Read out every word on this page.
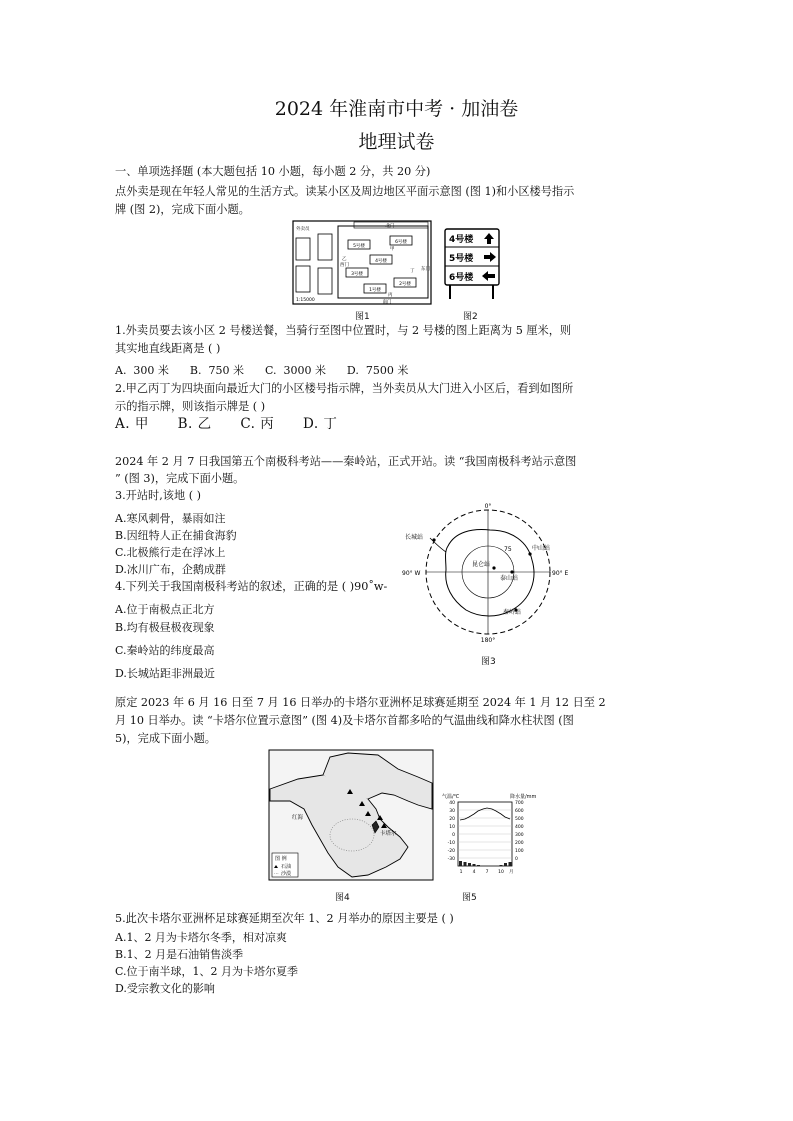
2024 年淮南市中考 · 加油卷
地理试卷
一、单项选择题 (本大题包括 10 小题，每小题 2 分，共 20 分)
点外卖是现在年轻人常见的生活方式。读某小区及周边地区平面示意图 (图 1)和小区楼号指示
牌 (图 2)，完成下面小题。
5号楼
6号楼
4号楼
3号楼
2号楼
1号楼
北门
西门
东门
南门
甲
乙
丁
丙
外卖员
1:15000
图1
4号楼
5号楼
6号楼
图2
1.外卖员要去该小区 2 号楼送餐，当骑行至图中位置时，与 2 号楼的图上距离为 5 厘米，则
其实地直线距离是 ( )
A.  300 米      B.  750 米      C.  3000 米      D.  7500 米
2.甲乙丙丁为四块面向最近大门的小区楼号指示牌，当外卖员从大门进入小区后，看到如图所
示的指示牌，则该指示牌是 ( )
A. 甲      B. 乙      C. 丙      D. 丁
2024 年 2 月 7 日我国第五个南极科考站——秦岭站，正式开站。读 “我国南极科考站示意图
” (图 3)，完成下面小题。
3.开站时,该地 ( )
A.寒风刺骨，暴雨如注
B.因纽特人正在捕食海豹
C.北极熊行走在浮冰上
D.冰川广布，企鹅成群
4.下列关于我国南极科考站的叙述，正确的是 ( )90˚w-
A.位于南极点正北方
B.均有极昼极夜现象
C.秦岭站的纬度最高
D.长城站距非洲最近
0°
180°
90° W	90° E
长城站
中山站
昆仑站
泰山站
秦岭站
75
图3
原定 2023 年 6 月 16 日至 7 月 16 日举办的卡塔尔亚洲杯足球赛延期至 2024 年 1 月 12 日至 2
月 10 日举办。读 “卡塔尔位置示意图” (图 4)及卡塔尔首都多哈的气温曲线和降水柱状图 (图
5)，完成下面小题。
卡塔尔
红海
图 例
石油
··· 沙漠
图4
气温/℃	降水量/mm
40
30
20
10
0
-10
-20
-30
700
600
500
400
300
200
100
0
1 4 7 10 月
图5
5.此次卡塔尔亚洲杯足球赛延期至次年 1、2 月举办的原因主要是 ( )
A.1、2 月为卡塔尔冬季，相对凉爽
B.1、2 月是石油销售淡季
C.位于南半球，1、2 月为卡塔尔夏季
D.受宗教文化的影响
